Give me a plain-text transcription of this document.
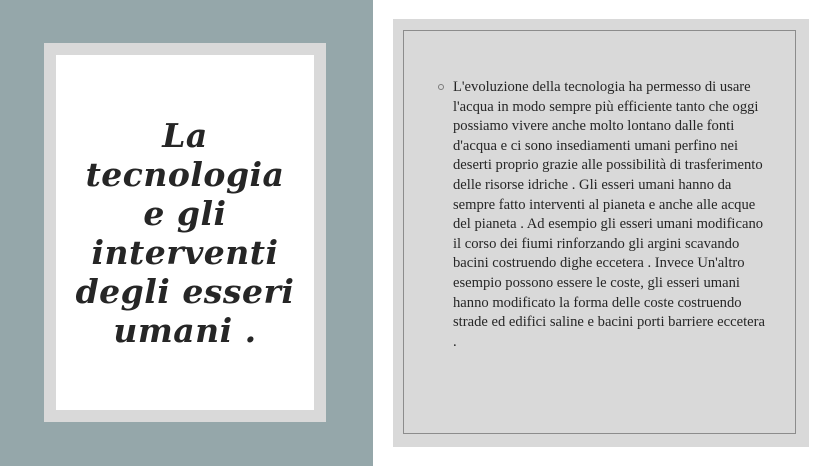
La
tecnologia
e gli
interventi
degli esseri
umani .
L'evoluzione della tecnologia ha permesso di usare l'acqua in modo sempre più efficiente tanto che oggi possiamo vivere anche molto lontano dalle fonti d'acqua e ci sono insediamenti umani perfino nei deserti proprio grazie alle possibilità di trasferimento delle risorse idriche . Gli esseri umani hanno da sempre fatto interventi al pianeta e anche alle acque del pianeta . Ad esempio gli esseri umani modificano il corso dei fiumi rinforzando gli argini scavando bacini costruendo dighe eccetera . Invece Un'altro esempio possono essere le coste, gli esseri umani hanno modificato la forma delle coste costruendo strade ed edifici saline e bacini porti barriere eccetera .
